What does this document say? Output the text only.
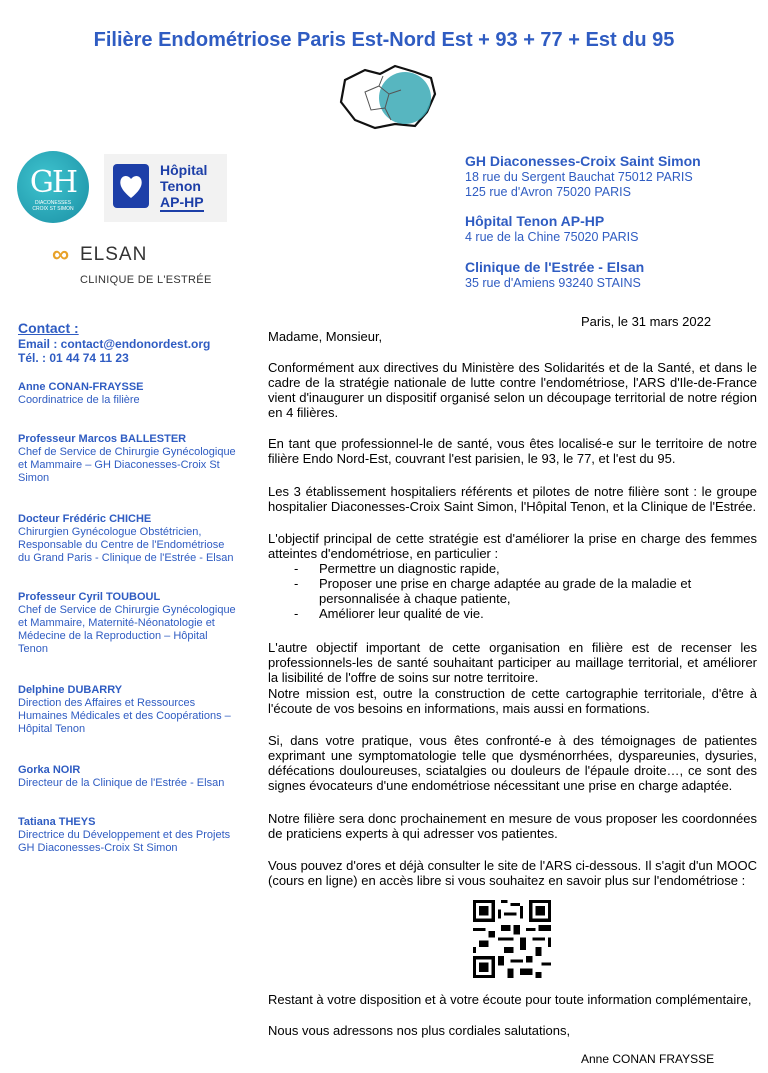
Filière Endométriose Paris Est-Nord Est + 93 + 77 + Est du 95
GH
DIACONESSES
CROIX ST SIMON
Hôpital
Tenon
AP-HP
∞ ELSAN
CLINIQUE DE L'ESTRÉE
GH Diaconesses-Croix Saint Simon
18 rue du Sergent Bauchat 75012 PARIS
125 rue d'Avron 75020 PARIS
Hôpital Tenon AP-HP
4 rue de la Chine 75020 PARIS
Clinique de l'Estrée - Elsan
35 rue d'Amiens 93240 STAINS
Contact :
Email : contact@endonordest.org
Tél. : 01 44 74 11 23
Anne CONAN-FRAYSSE
Coordinatrice de la filière
Professeur Marcos BALLESTER
Chef de Service de Chirurgie Gynécologique
et Mammaire – GH Diaconesses-Croix St
Simon
Docteur Frédéric CHICHE
Chirurgien Gynécologue Obstétricien,
Responsable du Centre de l'Endométriose
du Grand Paris - Clinique de l'Estrée - Elsan
Professeur Cyril TOUBOUL
Chef de Service de Chirurgie Gynécologique
et Mammaire, Maternité-Néonatologie et
Médecine de la Reproduction – Hôpital
Tenon
Delphine DUBARRY
Direction des Affaires et Ressources
Humaines Médicales et des Coopérations –
Hôpital Tenon
Gorka NOIR
Directeur de la Clinique de l'Estrée - Elsan
Tatiana THEYS
Directrice du Développement et des Projets
GH Diaconesses-Croix St Simon
Paris, le 31 mars 2022
Madame, Monsieur,
Conformément aux directives du Ministère des Solidarités et de la Santé, et dans le cadre de la stratégie nationale de lutte contre l'endométriose, l'ARS d'Ile-de-France vient d'inaugurer un dispositif organisé selon un découpage territorial de notre région en 4 filières.
En tant que professionnel-le de santé, vous êtes localisé-e sur le territoire de notre filière Endo Nord-Est, couvrant l'est parisien, le 93, le 77, et l'est du 95.
Les 3 établissement hospitaliers référents et pilotes de notre filière sont : le groupe hospitalier Diaconesses-Croix Saint Simon, l'Hôpital Tenon, et la Clinique de l'Estrée.
L'objectif principal de cette stratégie est d'améliorer la prise en charge des femmes atteintes d'endométriose, en particulier :
- Permettre un diagnostic rapide,
- Proposer une prise en charge adaptée au grade de la maladie et personnalisée à chaque patiente,
- Améliorer leur qualité de vie.
L'autre objectif important de cette organisation en filière est de recenser les professionnels-les de santé souhaitant participer au maillage territorial, et améliorer la lisibilité de l'offre de soins sur notre territoire.
Notre mission est, outre la construction de cette cartographie territoriale, d'être à l'écoute de vos besoins en informations, mais aussi en formations.
Si, dans votre pratique, vous êtes confronté-e à des témoignages de patientes exprimant une symptomatologie telle que dysménorrhées, dyspareunies, dysuries, défécations douloureuses, sciatalgies ou douleurs de l'épaule droite…, ce sont des signes évocateurs d'une endométriose nécessitant une prise en charge adaptée.
Notre filière sera donc prochainement en mesure de vous proposer les coordonnées de praticiens experts à qui adresser vos patientes.
Vous pouvez d'ores et déjà consulter le site de l'ARS ci-dessous. Il s'agit d'un MOOC (cours en ligne) en accès libre si vous souhaitez en savoir plus sur l'endométriose :
Restant à votre disposition et à votre écoute pour toute information complémentaire,
Nous vous adressons nos plus cordiales salutations,
Anne CONAN FRAYSSE
